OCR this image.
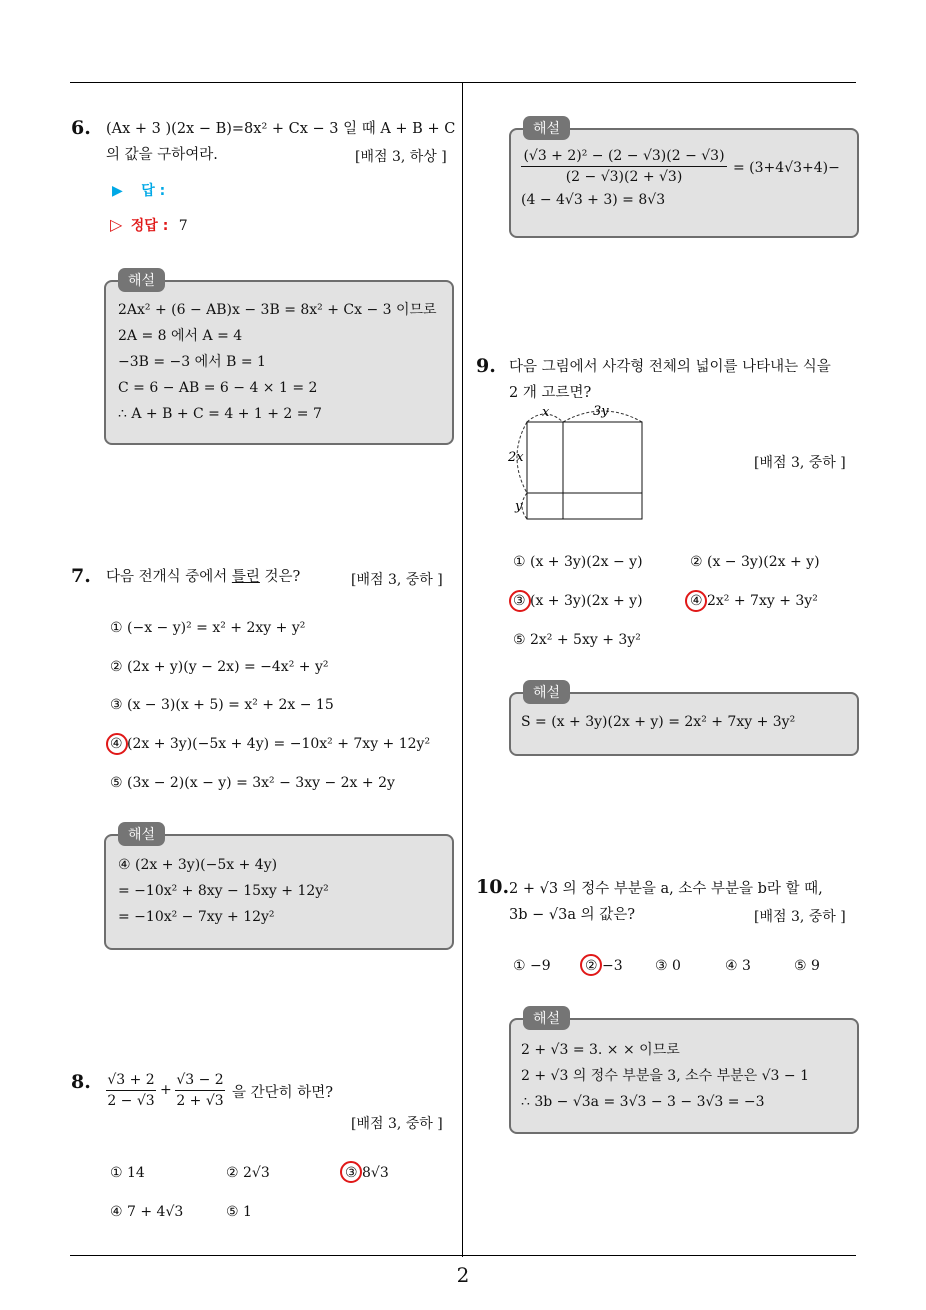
6. (Ax + 3 )(2x − B)=8x² + Cx − 3 일 때 A + B + C
의 값을 구하여라.	[배점 3, 하상 ]
▶ 답 :
▷ 정답 : 7
해설
2Ax² + (6 − AB)x − 3B = 8x² + Cx − 3 이므로
2A = 8 에서 A = 4
−3B = −3 에서 B = 1
C = 6 − AB = 6 − 4 × 1 = 2
∴ A + B + C = 4 + 1 + 2 = 7
7. 다음 전개식 중에서 틀린 것은?	[배점 3, 중하 ]
① (−x − y)² = x² + 2xy + y²
② (2x + y)(y − 2x) = −4x² + y²
③ (x − 3)(x + 5) = x² + 2x − 15
④ (2x + 3y)(−5x + 4y) = −10x² + 7xy + 12y²
⑤ (3x − 2)(x − y) = 3x² − 3xy − 2x + 2y
해설
④ (2x + 3y)(−5x + 4y)
= −10x² + 8xy − 15xy + 12y²
= −10x² − 7xy + 12y²
8. $\frac{√3 + 2}{2 - √3} + \frac{√3 - 2}{2 + √3}$ 을 간단히 하면?
[배점 3, 중하 ]
① 14	② 2√3	③ 8√3
④ 7 + 4√3	⑤ 1
해설
$\frac{\text{(√3 + 2)² − (2 − √3)(2 − √3)}}{(2 - √3)(2 + √3)} = (3+4√3+4)-$
(4 − 4√3 + 3) = 8√3
9. 다음 그림에서 사각형 전체의 넓이를 나타내는 식을
2 개 고르면?
x	3y
2x
y
[배점 3, 중하 ]
① (x + 3y)(2x − y)	② (x − 3y)(2x + y)
③ (x + 3y)(2x + y)	④ 2x² + 7xy + 3y²
⑤ 2x² + 5xy + 3y²
해설
S = (x + 3y)(2x + y) = 2x² + 7xy + 3y²
10. 2 + √3 의 정수 부분을 a, 소수 부분을 b라 할 때,
3b − √3a 의 값은?	[배점 3, 중하 ]
① −9 ② −3 ③ 0	④ 3	⑤ 9
해설
2 + √3 = 3. × × 이므로
2 + √3 의 정수 부분을 3, 소수 부분은 √3 − 1
∴ 3b − √3a = 3√3 − 3 − 3√3 = −3
2
